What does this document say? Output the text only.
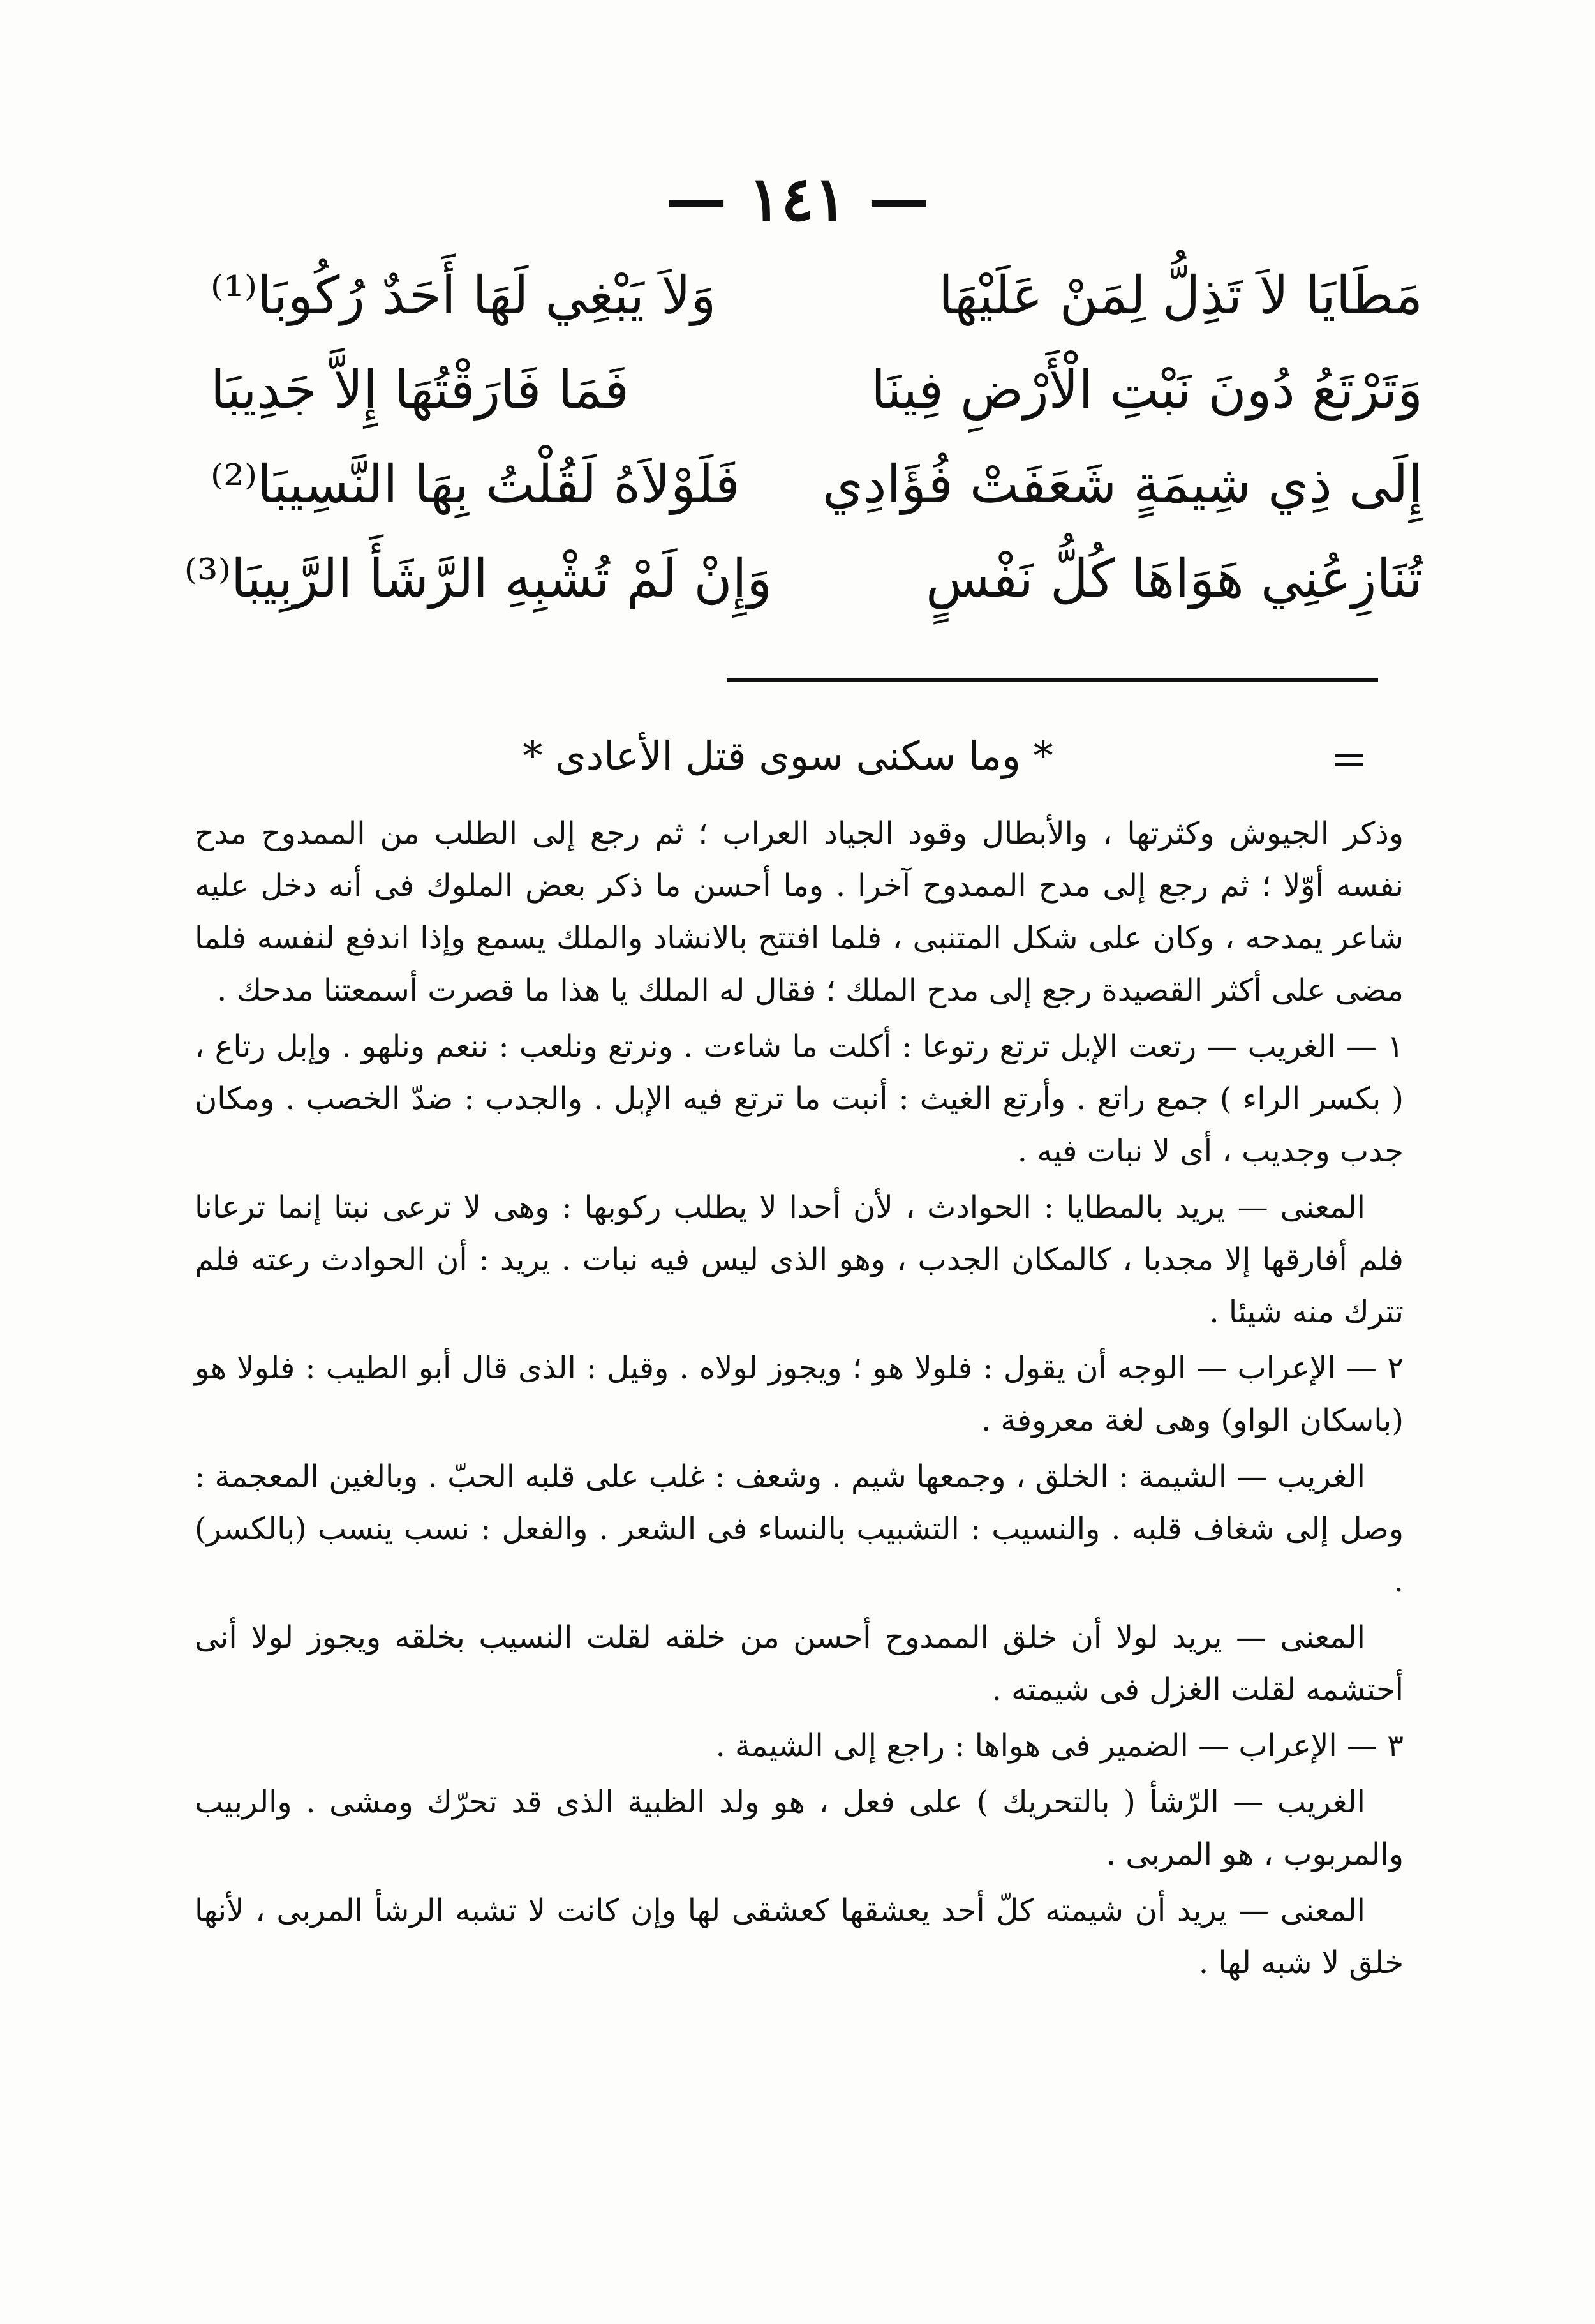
— ١٤١ —
مَطَايَا لاَ تَذِلُّ لِمَنْ عَلَيْهَا
وَلاَ يَبْغِي لَهَا أَحَدٌ رُكُوبَا⁽¹⁾
وَتَرْتَعُ دُونَ نَبْتِ الْأَرْضِ فِينَا
فَمَا فَارَقْتُهَا إِلاَّ جَدِيبَا
إِلَى ذِي شِيمَةٍ شَعَفَتْ فُؤَادِي
فَلَوْلاَهُ لَقُلْتُ بِهَا النَّسِيبَا⁽²⁾
تُنَازِعُنِي هَوَاهَا كُلُّ نَفْسٍ
وَإِنْ لَمْ تُشْبِهِ الرَّشَأَ الرَّبِيبَا⁽³⁾
=
* وما سكنى سوى قتل الأعادى *

وذكر الجيوش وكثرتها ، والأبطال وقود الجياد العراب ؛ ثم رجع إلى الطلب من الممدوح مدح نفسه أوّلا ؛ ثم رجع إلى مدح الممدوح آخرا . وما أحسن ما ذكر بعض الملوك فى أنه دخل عليه شاعر يمدحه ، وكان على شكل المتنبى ، فلما افتتح بالانشاد والملك يسمع وإذا اندفع لنفسه فلما مضى على أكثر القصيدة رجع إلى مدح الملك ؛ فقال له الملك يا هذا ما قصرت أسمعتنا مدحك .

١ — الغريب — رتعت الإبل ترتع رتوعا : أكلت ما شاءت . ونرتع ونلعب : ننعم ونلهو . وإبل رتاع ، ( بكسر الراء ) جمع راتع . وأرتع الغيث : أنبت ما ترتع فيه الإبل . والجدب : ضدّ الخصب . ومكان جدب وجديب ، أى لا نبات فيه .

المعنى — يريد بالمطايا : الحوادث ، لأن أحدا لا يطلب ركوبها : وهى لا ترعى نبتا إنما ترعانا فلم أفارقها إلا مجدبا ، كالمكان الجدب ، وهو الذى ليس فيه نبات . يريد : أن الحوادث رعته فلم تترك منه شيئا .

٢ — الإعراب — الوجه أن يقول : فلولا هو ؛ ويجوز لولاه . وقيل : الذى قال أبو الطيب : فلولا هو (باسكان الواو) وهى لغة معروفة .

الغريب — الشيمة : الخلق ، وجمعها شيم . وشعف : غلب على قلبه الحبّ . وبالغين المعجمة : وصل إلى شغاف قلبه . والنسيب : التشبيب بالنساء فى الشعر . والفعل : نسب ينسب (بالكسر) .

المعنى — يريد لولا أن خلق الممدوح أحسن من خلقه لقلت النسيب بخلقه ويجوز لولا أنى أحتشمه لقلت الغزل فى شيمته .

٣ — الإعراب — الضمير فى هواها : راجع إلى الشيمة .

الغريب — الرّشأ ( بالتحريك ) على فعل ، هو ولد الظبية الذى قد تحرّك ومشى . والربيب والمربوب ، هو المربى .

المعنى — يريد أن شيمته كلّ أحد يعشقها كعشقى لها وإن كانت لا تشبه الرشأ المربى ، لأنها خلق لا شبه لها .
